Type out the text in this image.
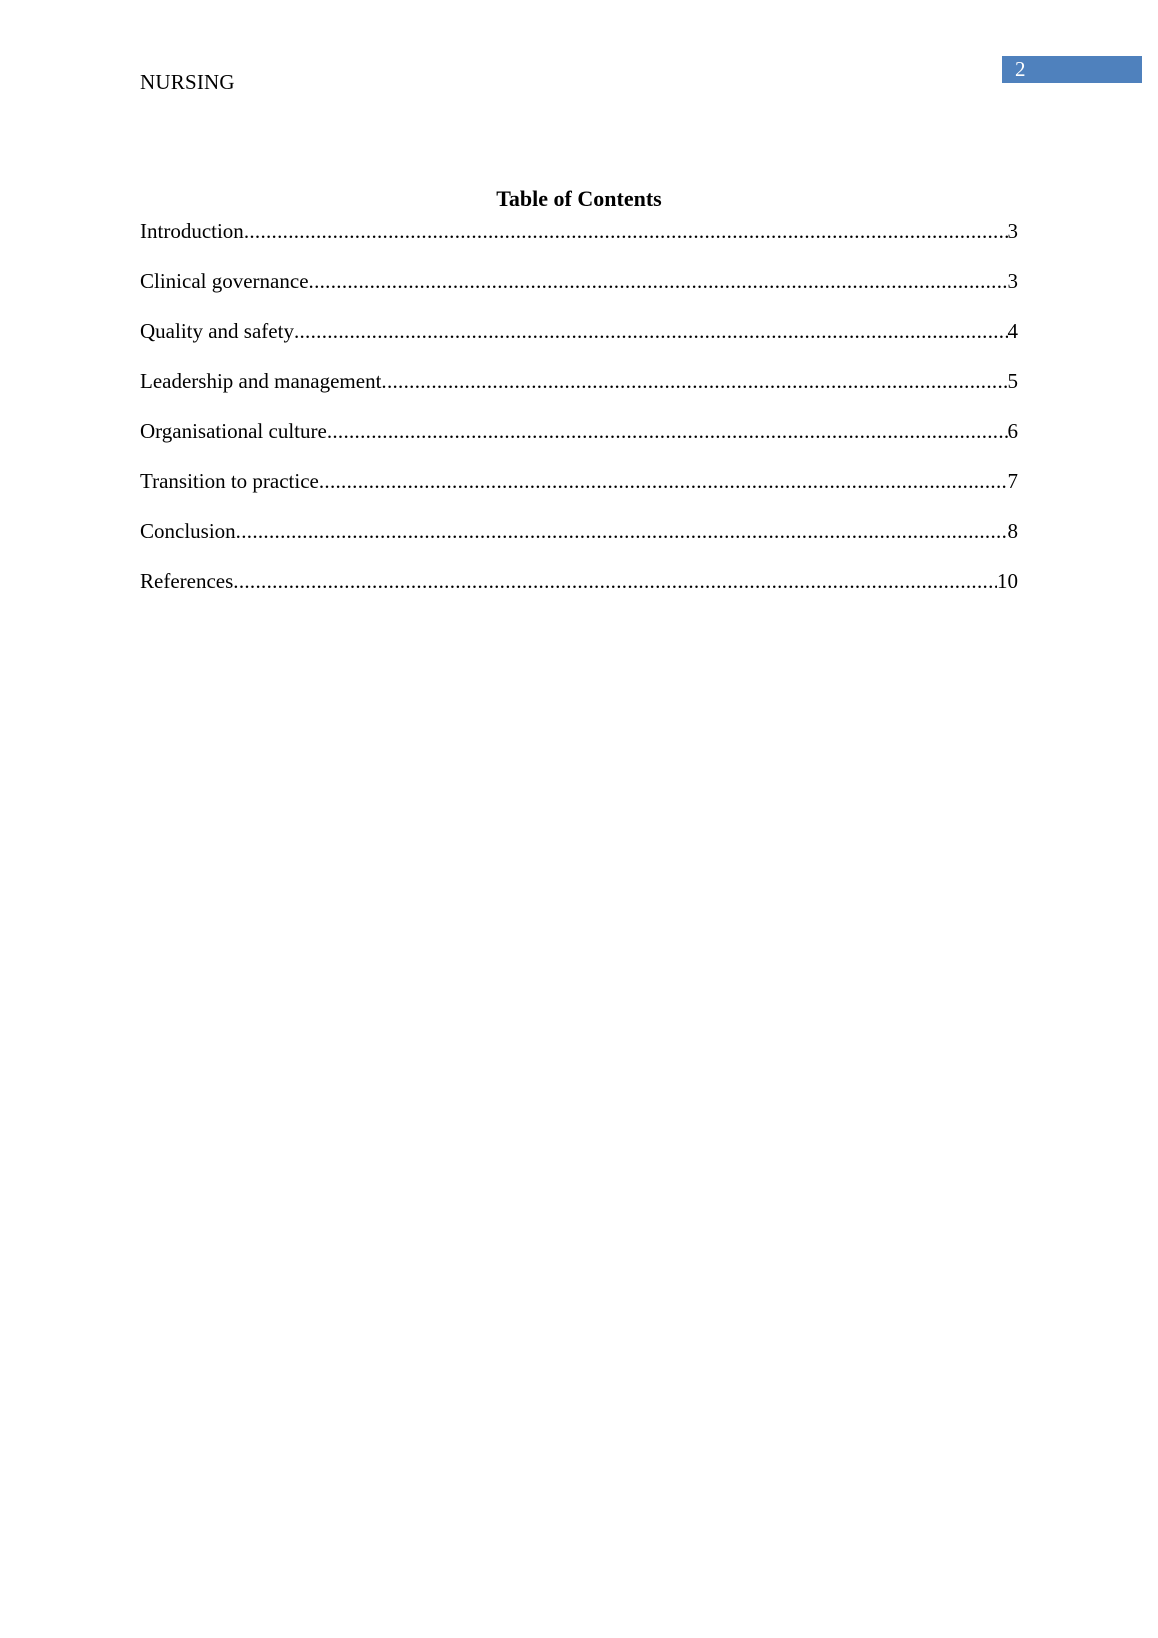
NURSING
2
Table of Contents
Introduction .....	3
Clinical governance .....	3
Quality and safety .....	4
Leadership and management .....	5
Organisational culture .....	6
Transition to practice .....	7
Conclusion .....	8
References .....	10
